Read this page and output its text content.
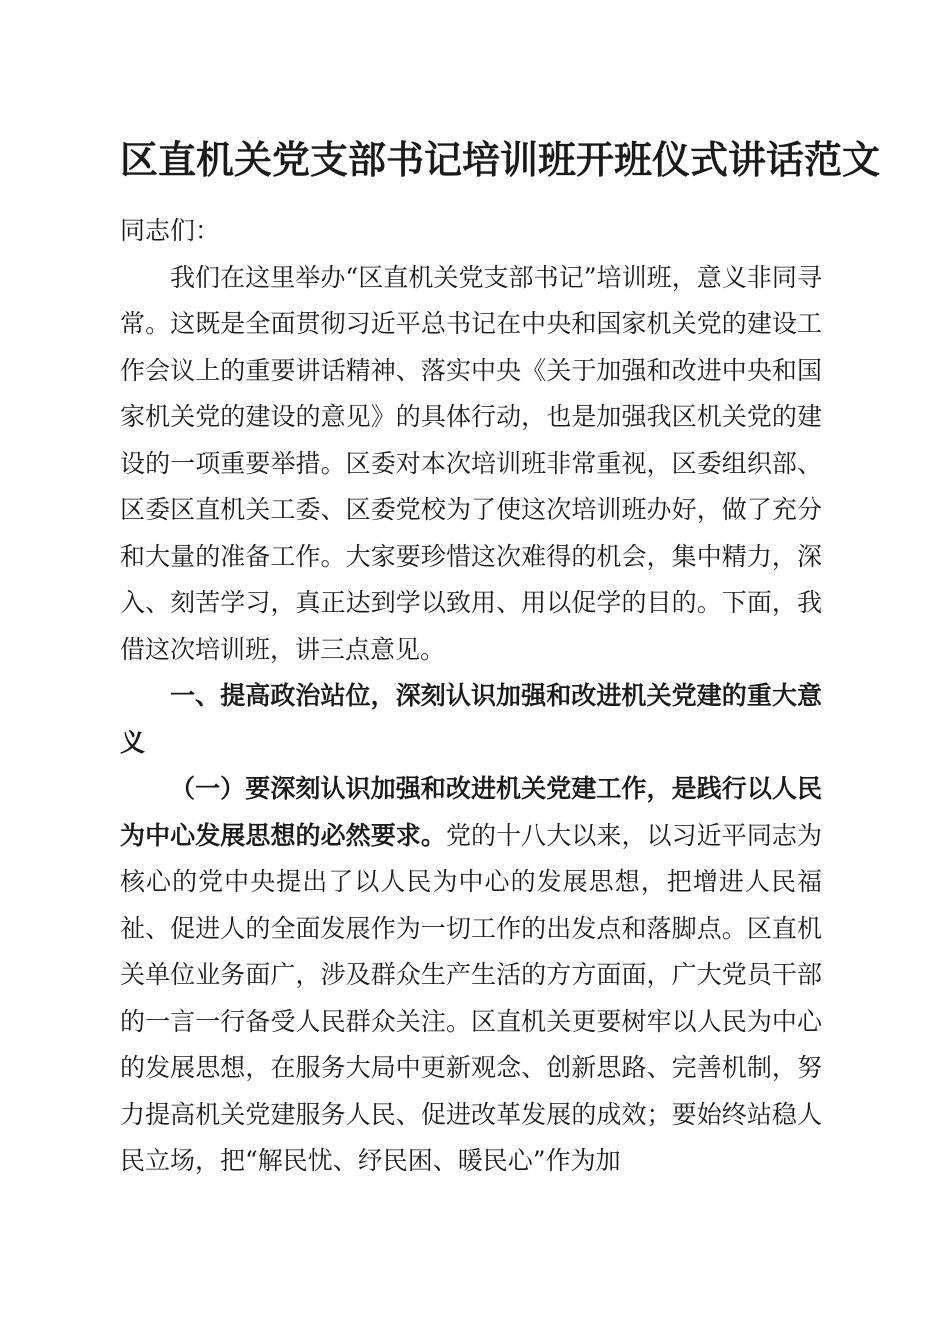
区直机关党支部书记培训班开班仪式讲话范文

同志们：

我们在这里举办“区直机关党支部书记”培训班，意义非同寻常。这既是全面贯彻习近平总书记在中央和国家机关党的建设工作会议上的重要讲话精神、落实中央《关于加强和改进中央和国家机关党的建设的意见》的具体行动，也是加强我区机关党的建设的一项重要举措。区委对本次培训班非常重视，区委组织部、区委区直机关工委、区委党校为了使这次培训班办好，做了充分和大量的准备工作。大家要珍惜这次难得的机会，集中精力，深入、刻苦学习，真正达到学以致用、用以促学的目的。下面，我借这次培训班，讲三点意见。

一、提高政治站位，深刻认识加强和改进机关党建的重大意义

（一）要深刻认识加强和改进机关党建工作，是践行以人民为中心发展思想的必然要求。党的十八大以来，以习近平同志为核心的党中央提出了以人民为中心的发展思想，把增进人民福祉、促进人的全面发展作为一切工作的出发点和落脚点。区直机关单位业务面广，涉及群众生产生活的方方面面，广大党员干部的一言一行备受人民群众关注。区直机关更要树牢以人民为中心的发展思想，在服务大局中更新观念、创新思路、完善机制，努力提高机关党建服务人民、促进改革发展的成效；要始终站稳人民立场，把“解民忧、纾民困、暖民心”作为加
